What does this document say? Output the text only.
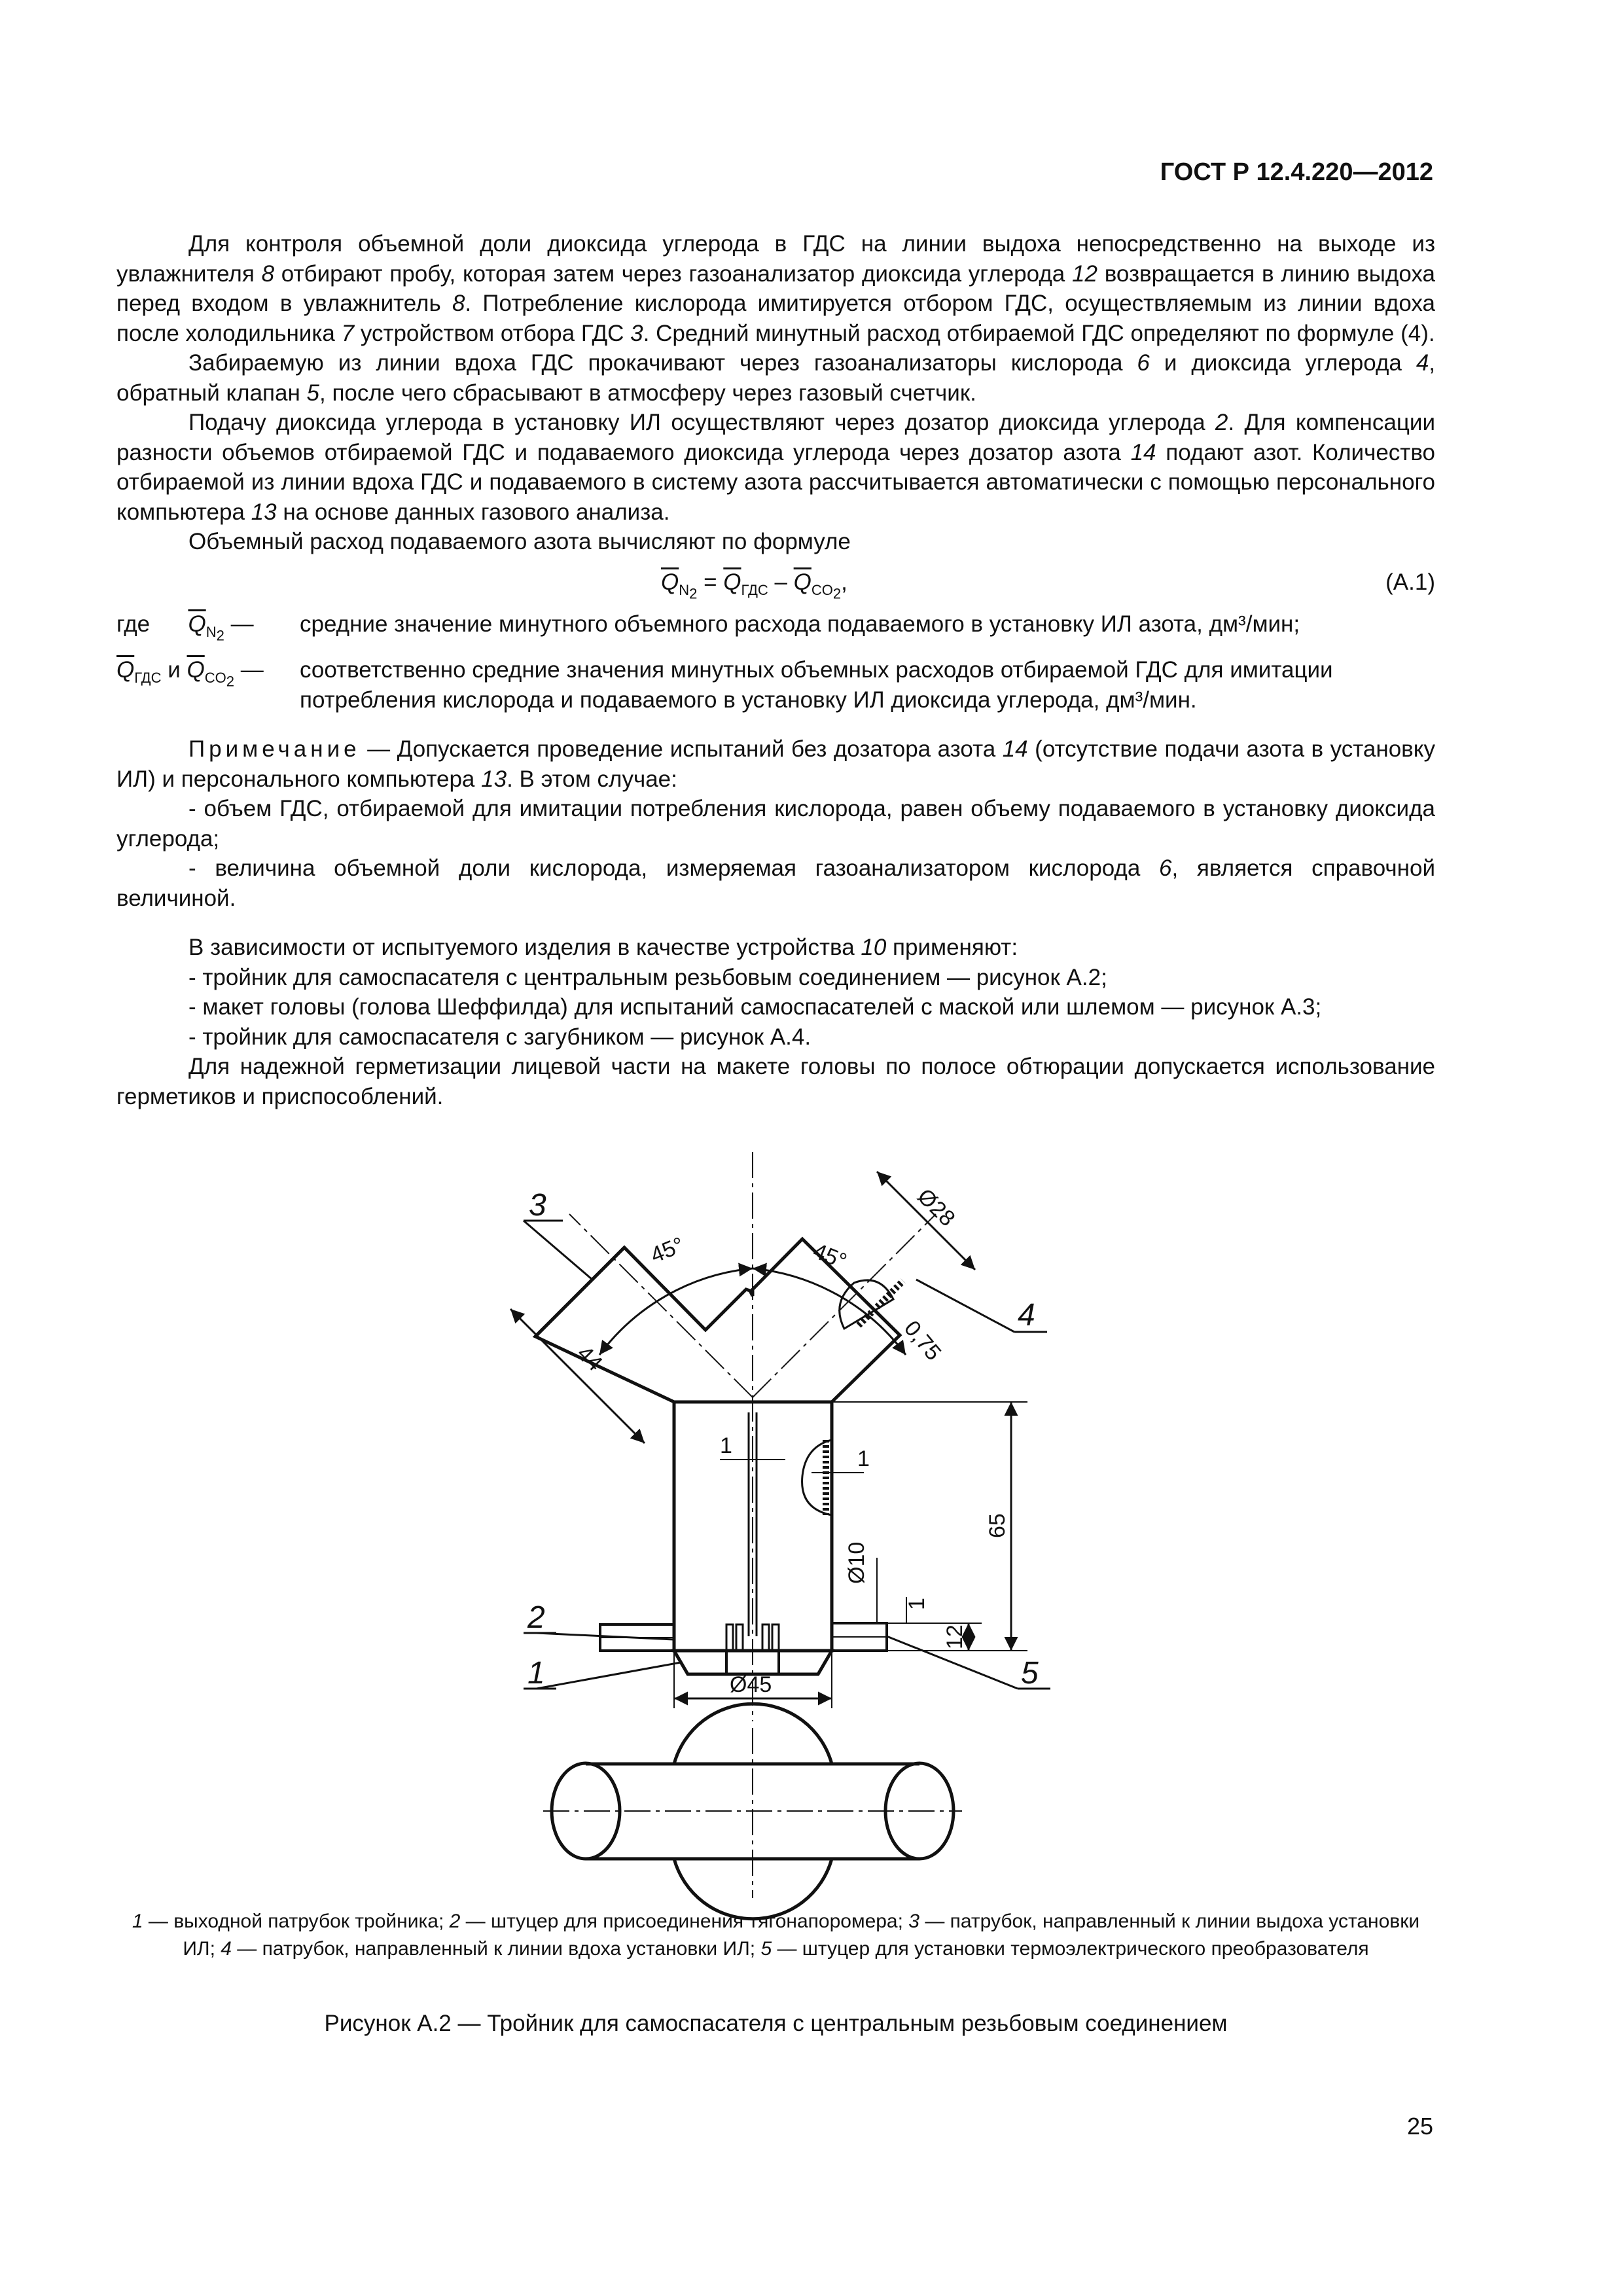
ГОСТ Р 12.4.220—2012

Для контроля объемной доли диоксида углерода в ГДС на линии выдоха непосредственно на выходе из увлажнителя 8 отбирают пробу, которая затем через газоанализатор диоксида углерода 12 возвращается в линию выдоха перед входом в увлажнитель 8. Потребление кислорода имитируется отбором ГДС, осуществляемым из линии вдоха после холодильника 7 устройством отбора ГДС 3. Средний минутный расход отбираемой ГДС определяют по формуле (4).

Забираемую из линии вдоха ГДС прокачивают через газоанализаторы кислорода 6 и диоксида углерода 4, обратный клапан 5, после чего сбрасывают в атмосферу через газовый счетчик.

Подачу диоксида углерода в установку ИЛ осуществляют через дозатор диоксида углерода 2. Для компенсации разности объемов отбираемой ГДС и подаваемого диоксида углерода через дозатор азота 14 подают азот. Количество отбираемой из линии вдоха ГДС и подаваемого в систему азота рассчитывается автоматически с помощью персонального компьютера 13 на основе данных газового анализа.

Объемный расход подаваемого азота вычисляют по формуле

$\overline{Q}_{N_2} = \overline{Q}_{ГДС} - \overline{Q}_{CO_2}$,	(А.1)
где $\overline{Q}_{N_2}$ —	средние значение минутного объемного расхода подаваемого в установку ИЛ азота, дм³/мин;
$\overline{Q}_{ГДС}$ и $\overline{Q}_{CO_2}$ —	соответственно средние значения минутных объемных расходов отбираемой ГДС для имитации потребления кислорода и подаваемого в установку ИЛ диоксида углерода, дм³/мин.

Примечание — Допускается проведение испытаний без дозатора азота 14 (отсутствие подачи азота в установку ИЛ) и персонального компьютера 13. В этом случае:

- объем ГДС, отбираемой для имитации потребления кислорода, равен объему подаваемого в установку диоксида углерода;

- величина объемной доли кислорода, измеряемая газоанализатором кислорода 6, является справочной величиной.

В зависимости от испытуемого изделия в качестве устройства 10 применяют:

- тройник для самоспасателя с центральным резьбовым соединением — рисунок А.2;

- макет головы (голова Шеффилда) для испытаний самоспасателей с маской или шлемом — рисунок А.3;

- тройник для самоспасателя с загубником — рисунок А.4.

Для надежной герметизации лицевой части на макете головы по полосе обтюрации допускается использование герметиков и приспособлений.

45°	45°
Ø28
44	0,75
1
1
Ø10
1
65
12
Ø45
3
4
2
1	5
1 — выходной патрубок тройника; 2 — штуцер для присоединения тягонапоромера; 3 — патрубок, направленный к линии выдоха установки ИЛ; 4 — патрубок, направленный к линии вдоха установки ИЛ; 5 — штуцер для установки термоэлектрического преобразователя
Рисунок А.2 — Тройник для самоспасателя с центральным резьбовым соединением
25
